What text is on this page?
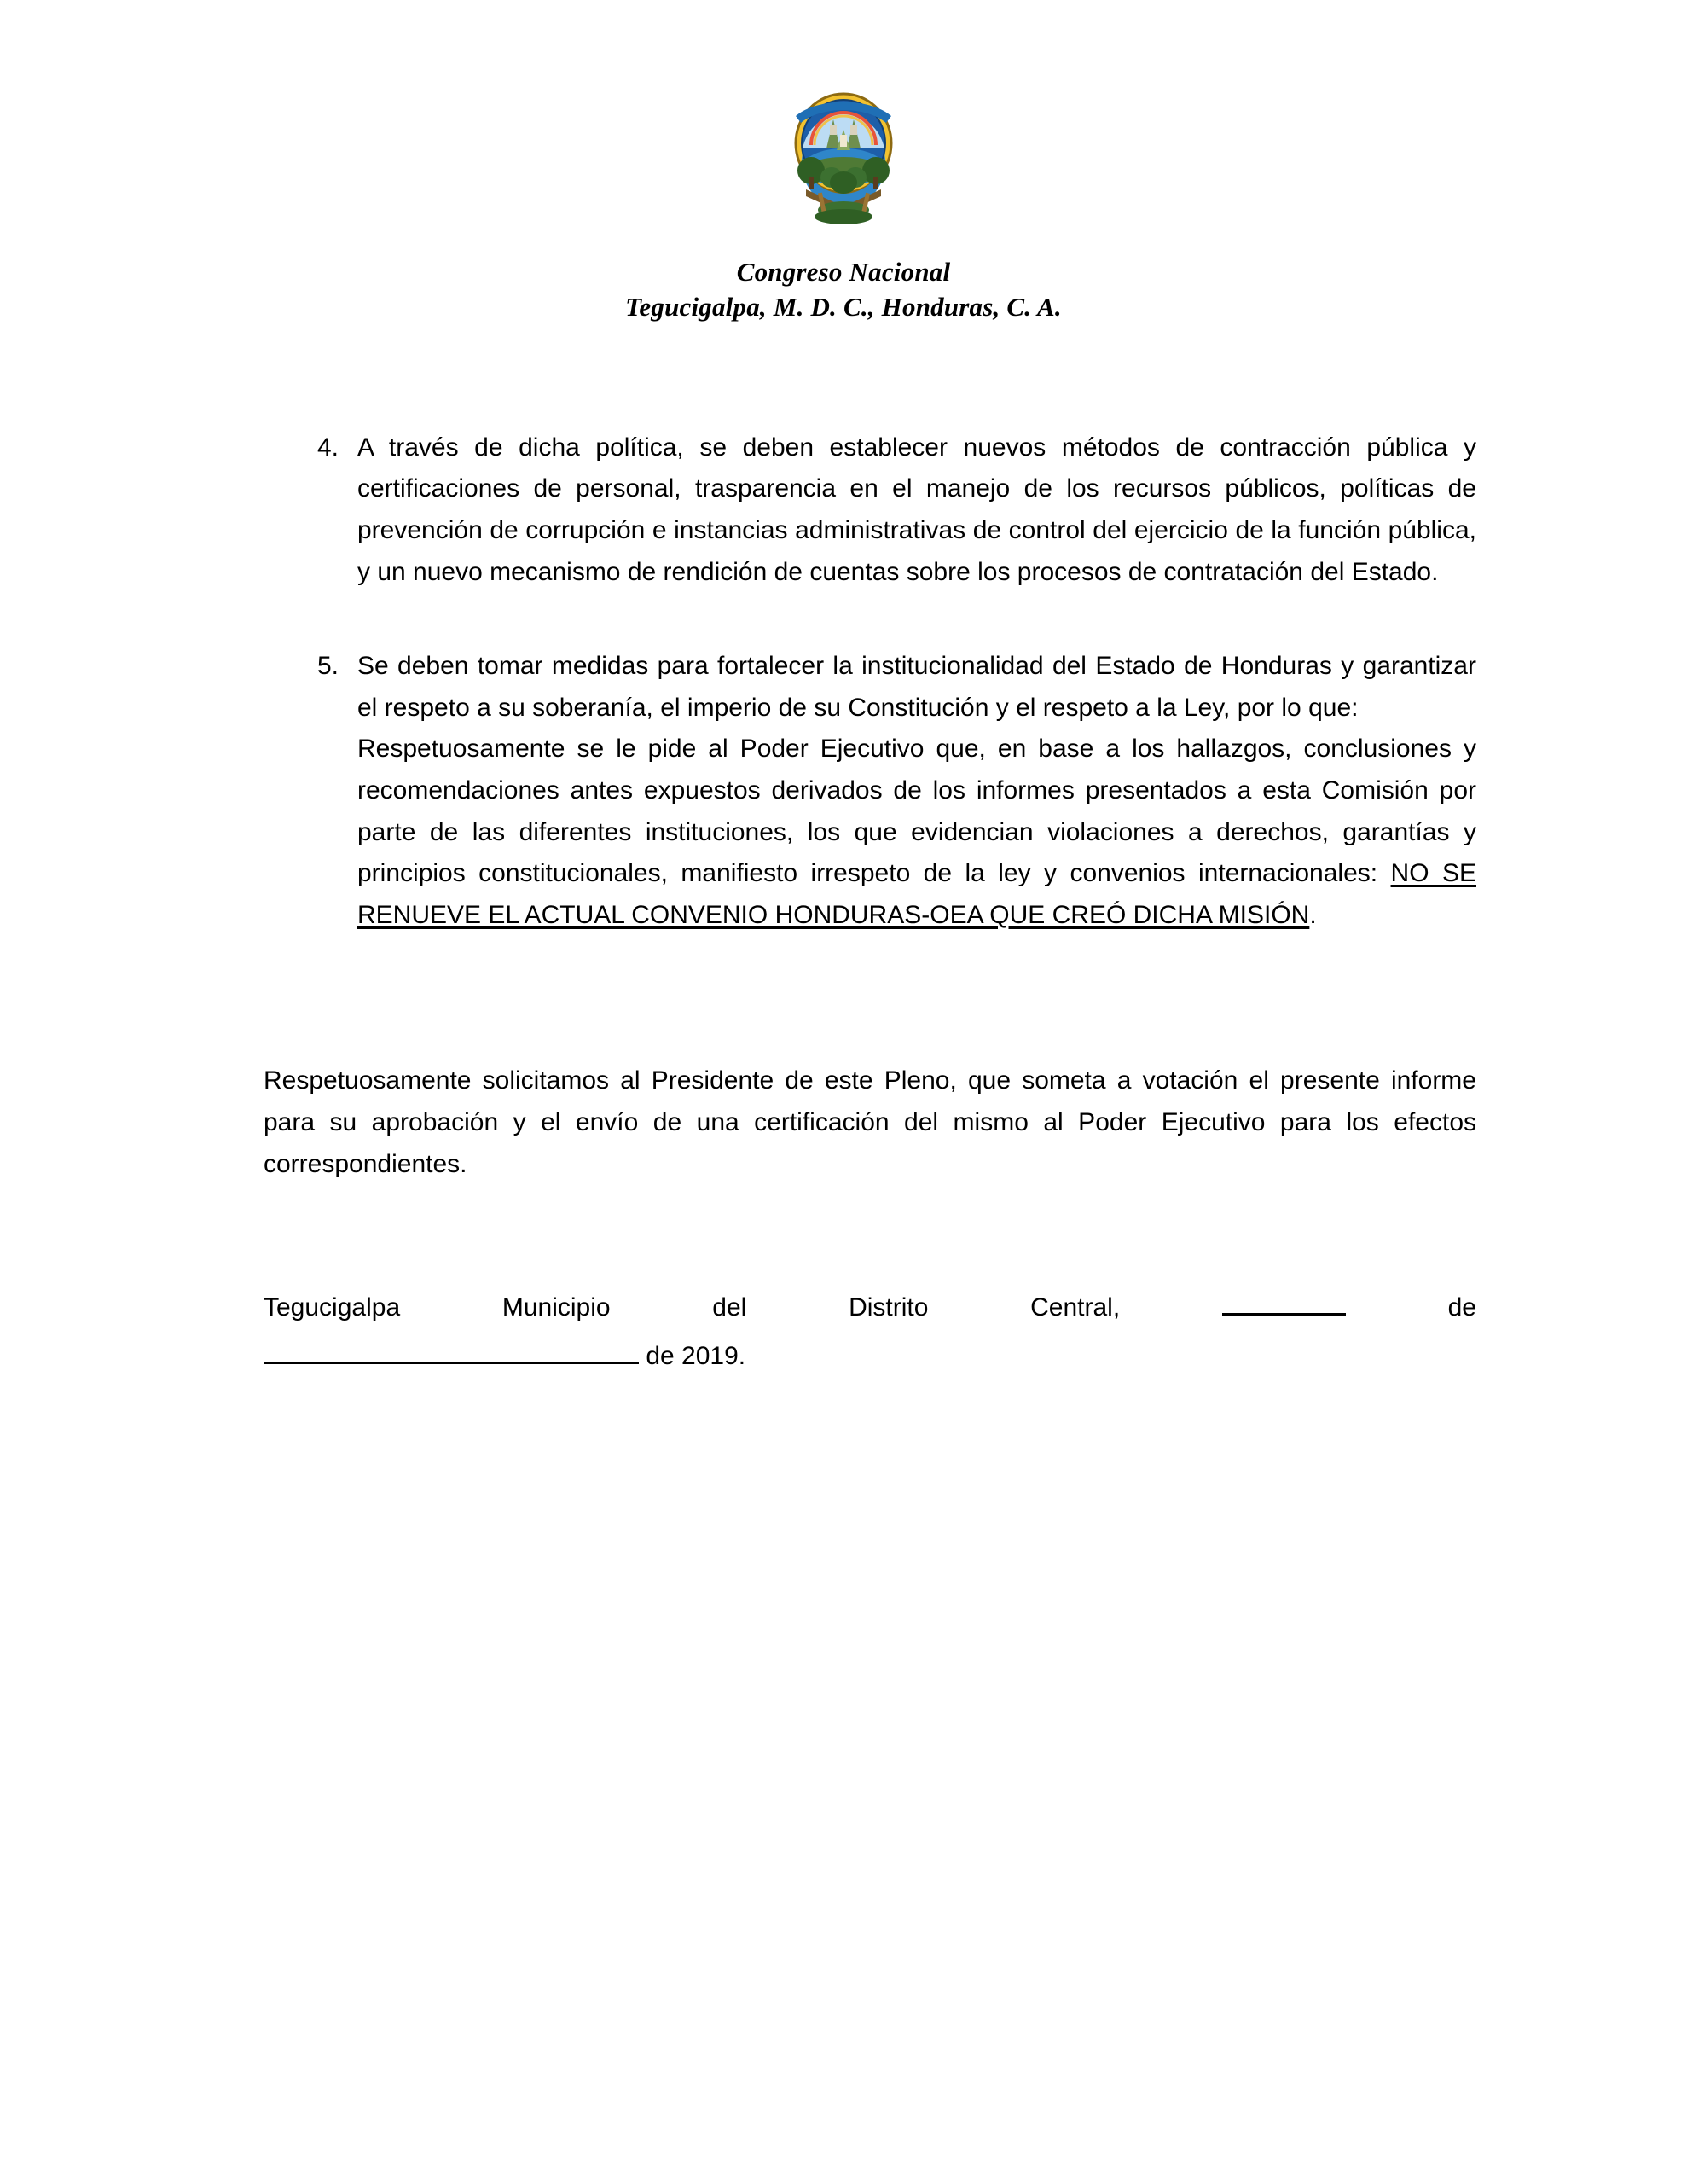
Congreso Nacional
Tegucigalpa, M. D. C., Honduras, C. A.
4. A través de dicha política, se deben establecer nuevos métodos de contracción pública y certificaciones de personal, trasparencia en el manejo de los recursos públicos, políticas de prevención de corrupción e instancias administrativas de control del ejercicio de la función pública, y un nuevo mecanismo de rendición de cuentas sobre los procesos de contratación del Estado.

5. Se deben tomar medidas para fortalecer la institucionalidad del Estado de Honduras y garantizar el respeto a su soberanía, el imperio de su Constitución y el respeto a la Ley, por lo que:

Respetuosamente se le pide al Poder Ejecutivo que, en base a los hallazgos, conclusiones y recomendaciones antes expuestos derivados de los informes presentados a esta Comisión por parte de las diferentes instituciones, los que evidencian violaciones a derechos, garantías y principios constitucionales, manifiesto irrespeto de la ley y convenios internacionales: NO SE RENUEVE EL ACTUAL CONVENIO HONDURAS-OEA QUE CREÓ DICHA MISIÓN.

Respetuosamente solicitamos al Presidente de este Pleno, que someta a votación el presente informe para su aprobación y el envío de una certificación del mismo al Poder Ejecutivo para los efectos correspondientes.

Tegucigalpa	Municipio	del	Distrito	Central,	de
de 2019.
